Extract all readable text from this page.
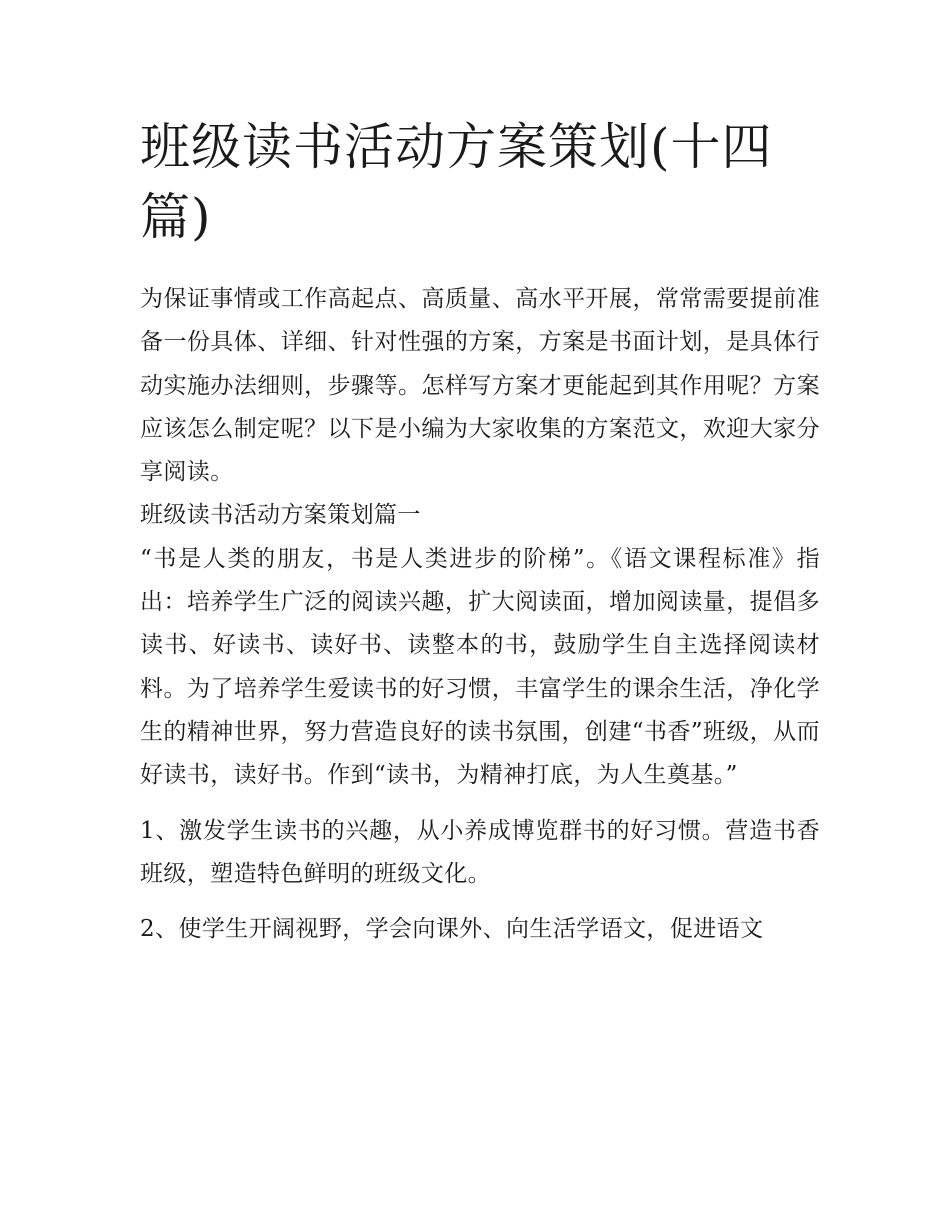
班级读书活动方案策划(十四篇)

为保证事情或工作高起点、高质量、高水平开展，常常需要提前准备一份具体、详细、针对性强的方案，方案是书面计划，是具体行动实施办法细则，步骤等。怎样写方案才更能起到其作用呢？方案应该怎么制定呢？以下是小编为大家收集的方案范文，欢迎大家分享阅读。

班级读书活动方案策划篇一

“书是人类的朋友，书是人类进步的阶梯”。《语文课程标准》指出：培养学生广泛的阅读兴趣，扩大阅读面，增加阅读量，提倡多读书、好读书、读好书、读整本的书，鼓励学生自主选择阅读材料。为了培养学生爱读书的好习惯，丰富学生的课余生活，净化学生的精神世界，努力营造良好的读书氛围，创建“书香”班级，从而好读书，读好书。作到“读书，为精神打底，为人生奠基。”

1、激发学生读书的兴趣，从小养成博览群书的好习惯。营造书香班级，塑造特色鲜明的班级文化。

2、使学生开阔视野，学会向课外、向生活学语文，促进语文
